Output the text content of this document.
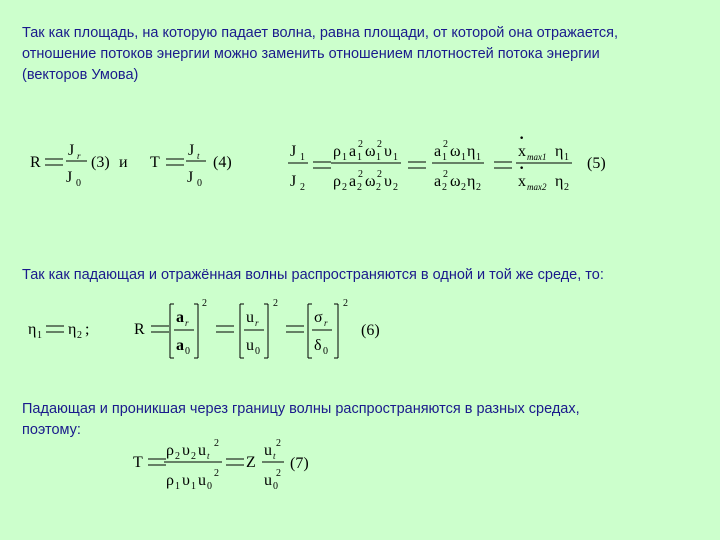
Так как площадь, на которую падает волна, равна площади, от которой она отражается,
отношение потоков энергии можно заменить отношением плотностей потока энергии
(векторов Умова)
Так как падающая и отражённая волны распространяются в одной и той же среде, то:
Падающая и проникшая через границу волны распространяются в разных средах,
поэтому:
R
J r
J 0
(3) и T
J t
J 0
(4)
J 1
J 2
ρ 1 a 1
2 ω 1
2 υ 1
ρ 2 a 2
2 ω 2
2 υ 2
a 1
2 ω 1 η 1
a 2
2 ω 2 η 2
·
x max1 η 1
·
x max2 η 2
(5)
η 1 η 2 ;	R
a r
a 0
2
u r
u 0
2
σ r
δ 0
2
(6)
T
ρ 2 υ 2 u t
2
ρ 1 υ 1 u 0
2
Z
u t
2
u 0
2
(7)
